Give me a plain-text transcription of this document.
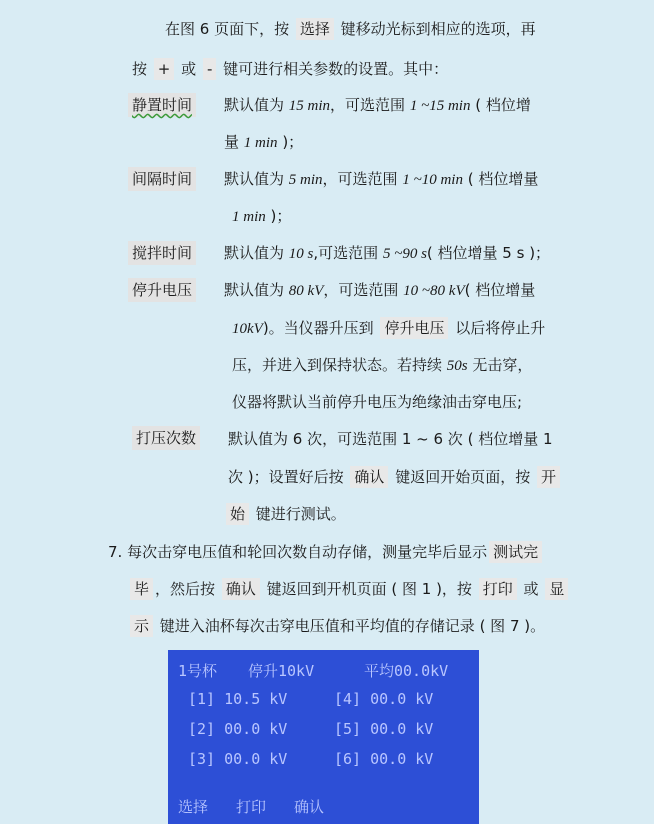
在图 6 页面下，按 选择 键移动光标到相应的选项，再
按 + 或 - 键可进行相关参数的设置。其中：
静置时间 默认值为 15 min，可选范围 1 ~15 min ( 档位增
量 1 min )；
间隔时间 默认值为 5 min，可选范围 1 ~10 min ( 档位增量
1 min )；
搅拌时间 默认值为 10 s,可选范围 5 ~90 s( 档位增量 5 s )；
停升电压 默认值为 80 kV，可选范围 10 ~80 kV( 档位增量
10kV)。当仪器升压到 停升电压 以后将停止升
压，并进入到保持状态。若持续 50s 无击穿，
仪器将默认当前停升电压为绝缘油击穿电压;
打压次数 默认值为 6 次，可选范围 1 ~ 6 次 ( 档位增量 1
次 )；设置好后按 确认 键返回开始页面，按 开
始 键进行测试。
7. 每次击穿电压值和轮回次数自动存储，测量完毕后显示 测试完
毕 ，然后按 确认 键返回到开机页面 ( 图 1 )，按 打印 或 显
示 键进入油杯每次击穿电压值和平均值的存储记录 ( 图 7 )。
1号杯 停升10kV	平均00.0kV
[1] 10.5 kV
[2] 00.0 kV
[3] 00.0 kV
[4] 00.0 kV
[5] 00.0 kV
[6] 00.0 kV
选择 打印 确认
